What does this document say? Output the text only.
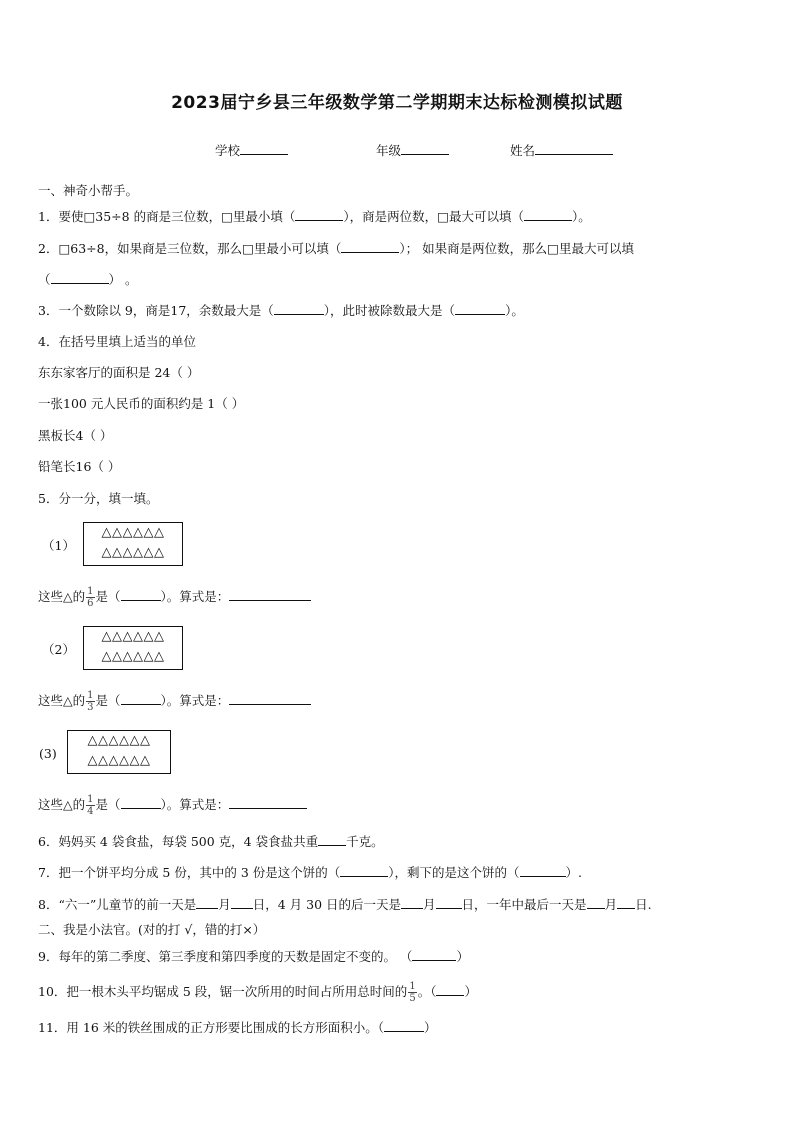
2023届宁乡县三年级数学第二学期期末达标检测模拟试题
学校	年级	姓名
一、神奇小帮手。
1．要使□35÷8 的商是三位数，□里最小填（	），商是两位数，□最大可以填（	）。
2．□63÷8，如果商是三位数，那么□里最小可以填（	）； 如果商是两位数，那么□里最大可以填
（	） 。
3．一个数除以 9，商是17，余数最大是（	），此时被除数最大是（	）。
4．在括号里填上适当的单位
东东家客厅的面积是 24（ ）
一张100 元人民币的面积约是 1（ ）
黑板长4（ ）
铅笔长16（ ）
5．分一分，填一填。
（1）
△△△△△△
△△△△△△
这些△的 $\frac{1}{6}$ 是（	）。算式是：
（2）
△△△△△△
△△△△△△
这些△的 $\frac{1}{3}$ 是（	）。算式是：
(3)
△△△△△△
△△△△△△
这些△的 $\frac{1}{4}$ 是（	）。算式是：
6．妈妈买 4 袋食盐，每袋 500 克，4 袋食盐共重 千克。
7．把一个饼平均分成 5 份，其中的 3 份是这个饼的（	），剩下的是这个饼的（	）.
8．“六一”儿童节的前一天是 月 日，4 月 30 日的后一天是 月 日，一年中最后一天是 月 日.
二、我是小法官。(对的打 √，错的打×）
9．每年的第二季度、第三季度和第四季度的天数是固定不变的。 （	）
10．把一根木头平均锯成 5 段，锯一次所用的时间占所用总时间的 $\frac{1}{5}$ 。（ ）
11．用 16 米的铁丝围成的正方形要比围成的长方形面积小。（	）
